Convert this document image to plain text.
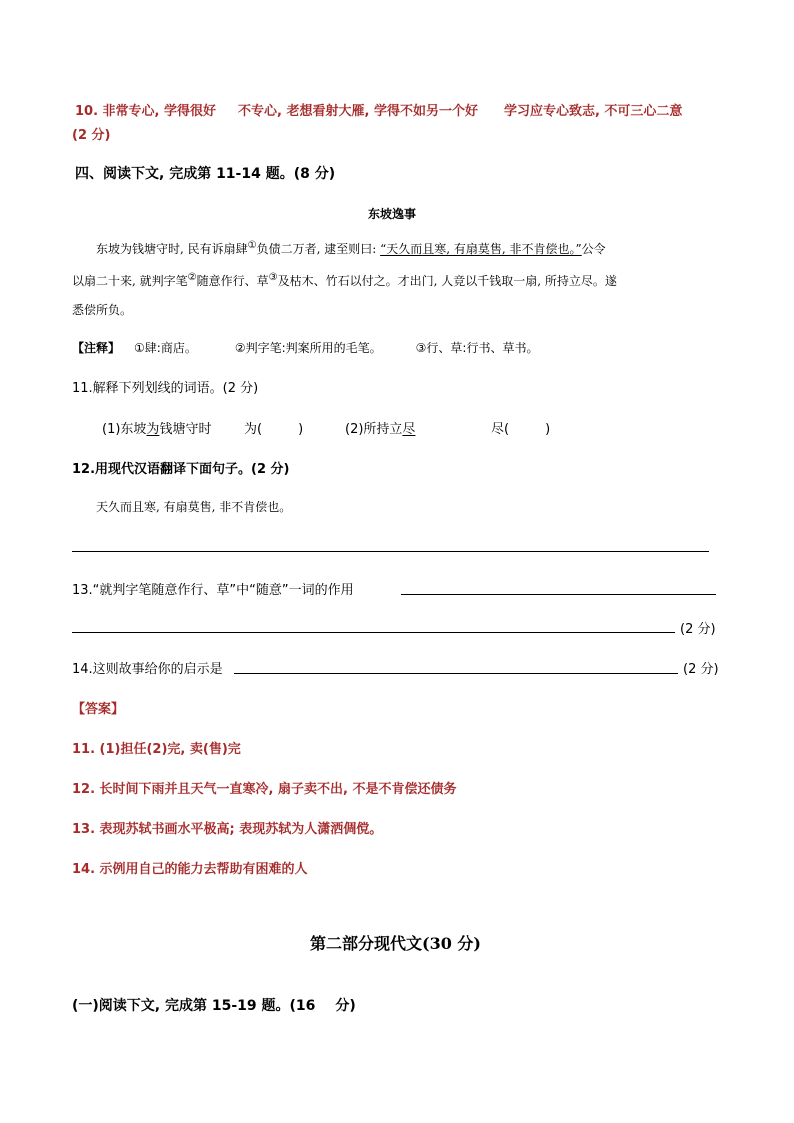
10. 非常专心, 学得很好 不专心, 老想看射大雁, 学得不如另一个好 学习应专心致志, 不可三心二意
(2 分)
四、阅读下文, 完成第 11-14 题。(8 分)
东坡逸事
东坡为钱塘守时, 民有诉扇肆①负债二万者, 逮至则曰: “天久而且寒, 有扇莫售, 非不肯偿也。”公令
以扇二十来, 就判字笔②随意作行、草③及枯木、竹石以付之。才出门, 人竞以千钱取一扇, 所持立尽。遂
悉偿所负。
【注释】 ①肆:商店。	②判字笔:判案所用的毛笔。	③行、草:行书、草书。
11.解释下列划线的词语。(2 分)
(1)东坡为钱塘守时	为(	)	(2)所持立尽	尽(	)
12.用现代汉语翻译下面句子。(2 分)
天久而且寒, 有扇莫售, 非不肯偿也。
13.“就判字笔随意作行、草”中“随意”一词的作用
(2 分)
14.这则故事给你的启示是	(2 分)
【答案】
11. (1)担任(2)完, 卖(售)完
12. 长时间下雨并且天气一直寒冷, 扇子卖不出, 不是不肯偿还债务
13. 表现苏轼书画水平极高; 表现苏轼为人潇洒倜傥。
14. 示例用自己的能力去帮助有困难的人
第二部分现代文(30 分)
(一)阅读下文, 完成第 15-19 题。(16 分)
